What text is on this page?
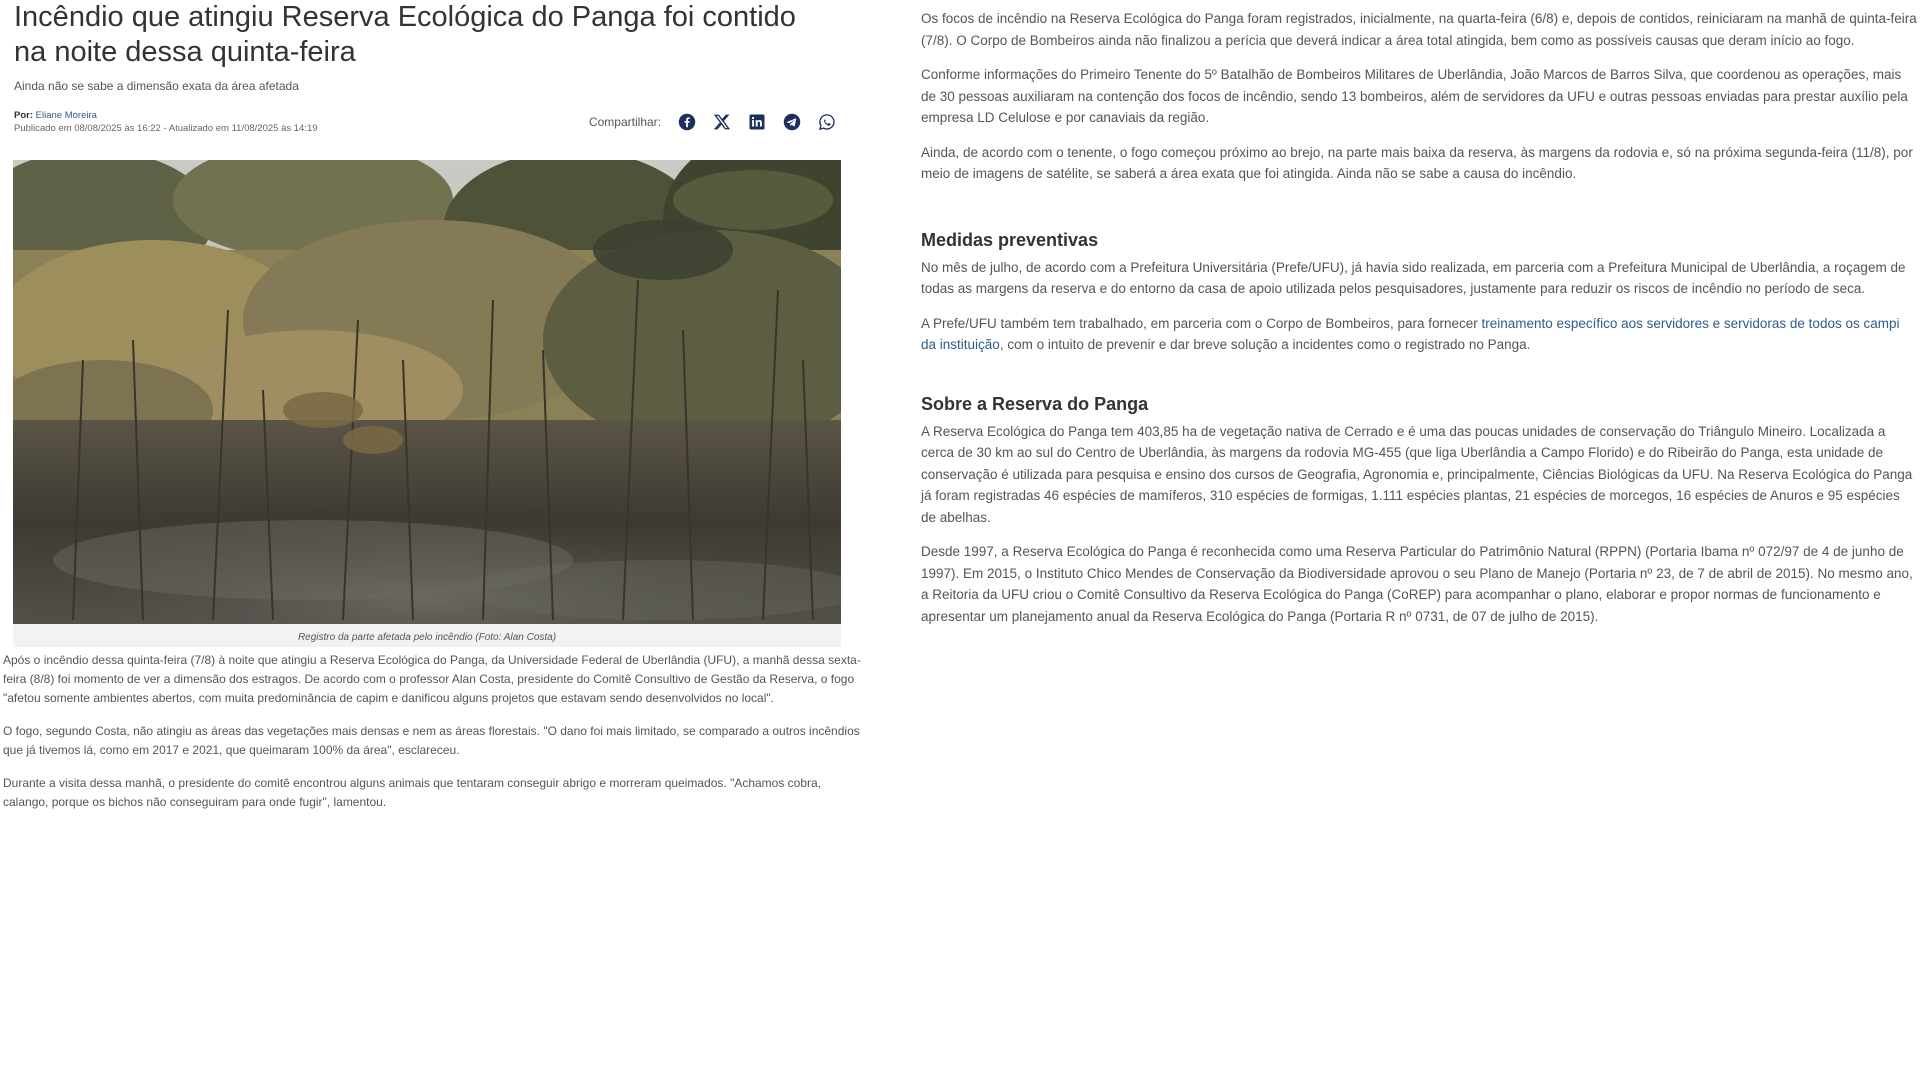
Incêndio que atingiu Reserva Ecológica do Panga foi contido na noite dessa quinta-feira
Ainda não se sabe a dimensão exata da área afetada
Por: Eliane Moreira
Publicado em 08/08/2025 às 16:22 - Atualizado em 11/08/2025 às 14:19	Compartilhar:
Registro da parte afetada pelo incêndio (Foto: Alan Costa)

Após o incêndio dessa quinta-feira (7/8) à noite que atingiu a Reserva Ecológica do Panga, da Universidade Federal de Uberlândia (UFU), a manhã dessa sexta-feira (8/8) foi momento de ver a dimensão dos estragos. De acordo com o professor Alan Costa, presidente do Comitê Consultivo de Gestão da Reserva, o fogo "afetou somente ambientes abertos, com muita predominância de capim e danificou alguns projetos que estavam sendo desenvolvidos no local".

O fogo, segundo Costa, não atingiu as áreas das vegetações mais densas e nem as áreas florestais. "O dano foi mais limitado, se comparado a outros incêndios que já tivemos lá, como em 2017 e 2021, que queimaram 100% da área", esclareceu.

Durante a visita dessa manhã, o presidente do comitê encontrou alguns animais que tentaram conseguir abrigo e morreram queimados. "Achamos cobra, calango, porque os bichos não conseguiram para onde fugir", lamentou.

Os focos de incêndio na Reserva Ecológica do Panga foram registrados, inicialmente, na quarta-feira (6/8) e, depois de contidos, reiniciaram na manhã de quinta-feira (7/8). O Corpo de Bombeiros ainda não finalizou a perícia que deverá indicar a área total atingida, bem como as possíveis causas que deram início ao fogo.

Conforme informações do Primeiro Tenente do 5º Batalhão de Bombeiros Militares de Uberlândia, João Marcos de Barros Silva, que coordenou as operações, mais de 30 pessoas auxiliaram na contenção dos focos de incêndio, sendo 13 bombeiros, além de servidores da UFU e outras pessoas enviadas para prestar auxílio pela empresa LD Celulose e por canaviais da região.

Ainda, de acordo com o tenente, o fogo começou próximo ao brejo, na parte mais baixa da reserva, às margens da rodovia e, só na próxima segunda-feira (11/8), por meio de imagens de satélite, se saberá a área exata que foi atingida. Ainda não se sabe a causa do incêndio.

Medidas preventivas

No mês de julho, de acordo com a Prefeitura Universitária (Prefe/UFU), já havia sido realizada, em parceria com a Prefeitura Municipal de Uberlândia, a roçagem de todas as margens da reserva e do entorno da casa de apoio utilizada pelos pesquisadores, justamente para reduzir os riscos de incêndio no período de seca.

A Prefe/UFU também tem trabalhado, em parceria com o Corpo de Bombeiros, para fornecer treinamento específico aos servidores e servidoras de todos os campi da instituição, com o intuito de prevenir e dar breve solução a incidentes como o registrado no Panga.

Sobre a Reserva do Panga

A Reserva Ecológica do Panga tem 403,85 ha de vegetação nativa de Cerrado e é uma das poucas unidades de conservação do Triângulo Mineiro. Localizada a cerca de 30 km ao sul do Centro de Uberlândia, às margens da rodovia MG-455 (que liga Uberlândia a Campo Florido) e do Ribeirão do Panga, esta unidade de conservação é utilizada para pesquisa e ensino dos cursos de Geografia, Agronomia e, principalmente, Ciências Biológicas da UFU. Na Reserva Ecológica do Panga já foram registradas 46 espécies de mamíferos, 310 espécies de formigas, 1.111 espécies plantas, 21 espécies de morcegos, 16 espécies de Anuros e 95 espécies de abelhas.

Desde 1997, a Reserva Ecológica do Panga é reconhecida como uma Reserva Particular do Patrimônio Natural (RPPN) (Portaria Ibama nº 072/97 de 4 de junho de 1997). Em 2015, o Instituto Chico Mendes de Conservação da Biodiversidade aprovou o seu Plano de Manejo (Portaria nº 23, de 7 de abril de 2015). No mesmo ano, a Reitoria da UFU criou o Comitê Consultivo da Reserva Ecológica do Panga (CoREP) para acompanhar o plano, elaborar e propor normas de funcionamento e apresentar um planejamento anual da Reserva Ecológica do Panga (Portaria R nº 0731, de 07 de julho de 2015).
